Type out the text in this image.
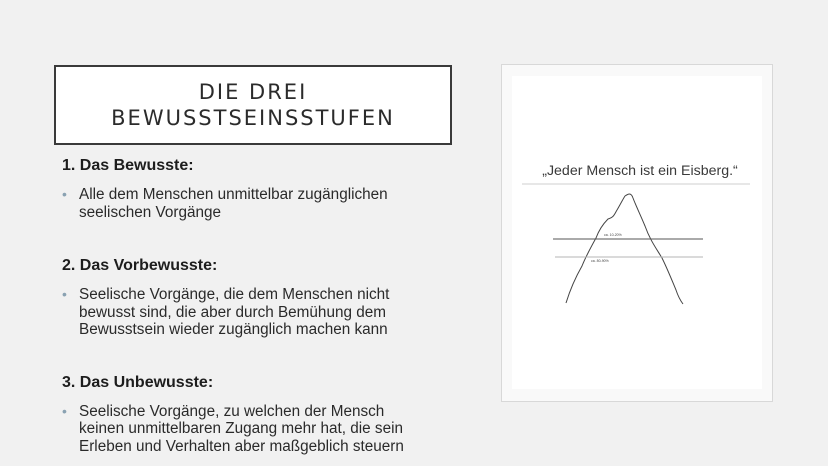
DIE DREI
BEWUSSTSEINSSTUFEN

1. Das Bewusste:

• Alle dem Menschen unmittelbar zugänglichen
seelischen Vorgänge

2. Das Vorbewusste:

• Seelische Vorgänge, die dem Menschen nicht
bewusst sind, die aber durch Bemühung dem
Bewusstsein wieder zugänglich machen kann

3. Das Unbewusste:

• Seelische Vorgänge, zu welchen der Mensch
keinen unmittelbaren Zugang mehr hat, die sein
Erleben und Verhalten aber maßgeblich steuern
„Jeder Mensch ist ein Eisberg.“
ca. 10-20%
ca. 80-90%
